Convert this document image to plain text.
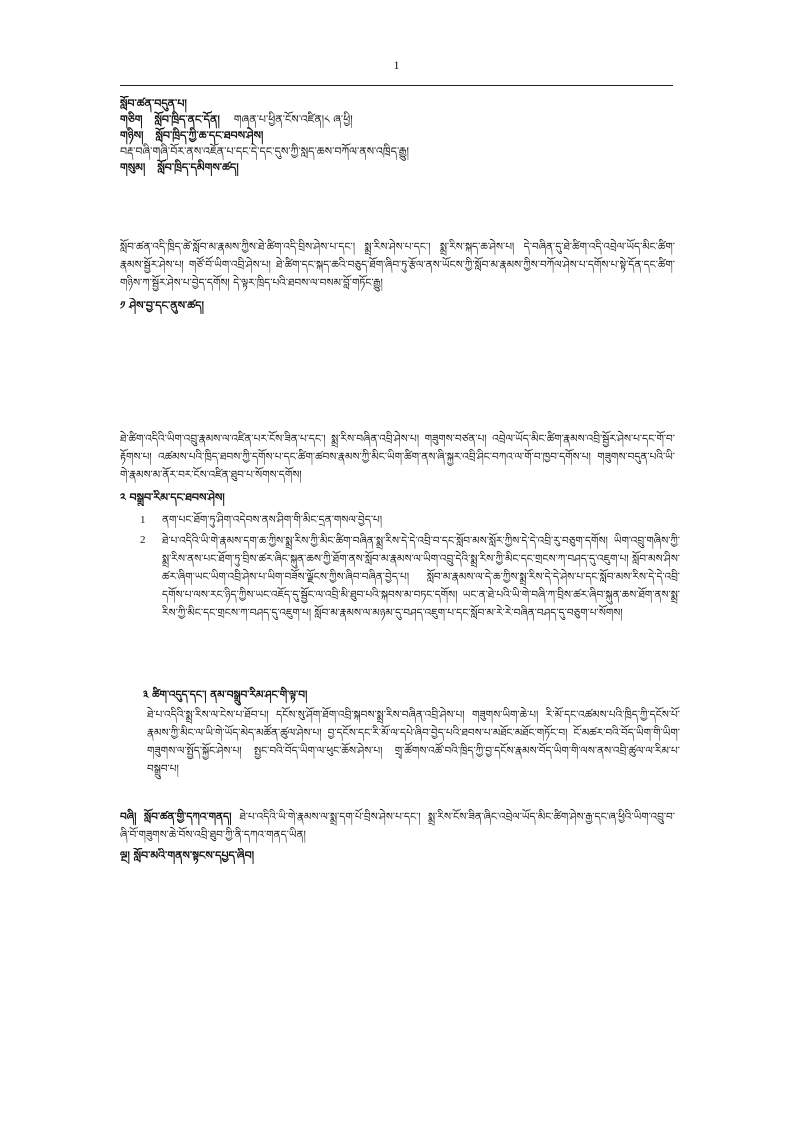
1
སློབ་ཚན་བདུན་པ།
གཅིག སློབ་ཁྲིད་ནང་དོན། གཞན་པ་ཕྱིན་ངོས་འཛིན།༨ ཞ་ཕྱི།
གཉིས། སློབ་ཁྲིད་ཀྱི་ཆ་དང་ཐབས་ཤེས།
བརྡ་བཞི་གཞི་བོར་ནས་འཇོན་པ་དང་དེ་དང་དུས་ཀྱི་སླད་ཆས་བཀོལ་ནས་འཁྲིད་རྒྱུ།
གསུམ། སློབ་ཁྲིད་དམིགས་ཚད།
སློབ་ཚན་འདི་ཁྲིད་ཚེ་སློབ་མ་རྣམས་ཀྱིས་ཐེ་ཚིག་འདི་བྲིས་ཤེས་པ་དང་། སྨྲ་རིས་ཤེས་པ་དང་། སྨྲ་རིས་སྐད་ཆ་ཤེས་པ། དེ་བཞིན་དུ་ཐེ་ཚིག་འདི་འབྲེལ་ཡོད་མིང་ཚིག་རྣམས་སྦྱོར་ཤེས་པ། གཙོ་བོ་ཡིག་འབྲི་ཤེས་པ། ཐེ་ཚིག་དང་སྐད་ཆའི་བཅུད་ཐོག་ཞིབ་ཏུ་རྩོལ་ནས་ཡོངས་ཀྱི་སློབ་མ་རྣམས་ཀྱིས་བཀོལ་ཤེས་པ་དགོས་པ་སྟེ་དོན་དང་ཚིག་གཉིས་ཀ་སྦྱོར་ཤེས་པ་བྱེད་དགོས། དེ་ལྟར་ཁྲིད་པའི་ཐབས་ལ་བསམ་བློ་གཏོང་རྒྱུ།
༡ ཤེས་བྱ་དང་ནུས་ཚད།
ཐེ་ཚིག་འདིའི་ཡིག་འབྲུ་རྣམས་ལ་འཛིན་པར་ངོས་ཟིན་པ་དང་། སྨྲ་རིས་བཞིན་འབྲི་ཤེས་པ། གཟུགས་བཙན་པ། འབྲེལ་ཡོད་མིང་ཚིག་རྣམས་འབྲི་སྦྱོར་ཤེས་པ་དང་གོ་བ་རྟོགས་པ། འཚམས་པའི་ཁྲིད་ཐབས་ཀྱི་དགོས་པ་དང་ཚིག་ཚབས་རྣམས་ཀྱི་མིང་ཡིག་ཚིག་ནས་ཞི་སྐྱར་འབྲི་ཤིང་བཀའ་ལ་གོ་བ་ཁྱབ་དགོས་པ། གཟུགས་བདུན་པའི་ཡི་གེ་རྣམས་མ་ནོར་བར་ངོས་འཛིན་ཐུབ་པ་སོགས་དགོས།
༢ བསྒྲུབ་རིམ་དང་ཐབས་ཤེས།
1	ནག་པང་ཐོག་ཏུ་ཤིག་འདེབས་ནས་ཤིག་གི་མིང་དྲན་གསལ་བྱེད་པ།
2	ཐེ་པ་འདིའི་ཡི་གེ་རྣམས་དག་ཆ་ཀྱིས་སྨྲ་རིས་ཀྱི་མིང་ཚིག་བཞིན་སྨྲ་རིས་དེ་དེ་འབྲི་བ་དང་སློབ་མས་སློར་ཀྱིས་དེ་དེ་འབྲི་རུ་བཅུག་དགོས། ཡིག་འབྲུ་གཞིས་ཀྱི་སྨྲ་རིས་ནས་པང་ཐོག་ཏུ་བྲིས་ཚར་ཞིང་སྐུན་ཆས་ཀྱི་ཐོག་ནས་སློབ་མ་རྣམས་ལ་ཡིག་འབྲུ་དེའི་སྨྲ་རིས་ཀྱི་མིང་དང་གྲངས་ཀ་བཤད་དུ་འཇུག་པ། སློབ་མས་ཤིས་ཚར་ཞིག་ཡང་ཡིག་འབྲི་ཤེས་པ་ཡིག་བཟོས་ལྗོངས་ཀྱིས་ཞིབ་བཞིན་བྱེད་པ། སློབ་མ་རྣམས་ལ་དེ་ཆ་ཀྱིས་སྨྲ་རིས་དེ་དེ་ཤེས་པ་དང་སློབ་མས་རིས་དེ་དེ་འབྲི་དགོས་པ་ལས་རང་ཉིད་ཀྱིས་ཡང་འཇོད་དུ་སྦྱོང་ལ་འབྲི་མི་ཐུབ་པའི་སྐབས་མ་བཏང་དགོས། ཡང་ན་ཐེ་པའི་ཡི་གེ་བཞི་ཀ་བྲིས་ཚར་ཞིབ་སྐུན་ཆས་ཐོག་ནས་སྨྲ་རིས་ཀྱི་མིང་དང་གྲངས་ཀ་བཤད་དུ་འཇུག་པ། སློབ་མ་རྣམས་ལ་མཉམ་དུ་བཤད་འཇུག་པ་དང་སློབ་མ་རེ་རེ་བཞིན་བཤད་དུ་བཅུག་པ་སོགས།
༣ ཚིག་འདུད་དང་། ནམ་བསྒྲུབ་རིམ་ཤང་གི་ལྟ་བ།
ཐེ་པ་འདིའི་སྨྲ་རིས་ལ་ངེས་པ་ཐོབ་པ། དངོས་སུ་ཤོག་ཐོག་འབྲི་སྐབས་སྨྲ་རིས་བཞིན་འབྲི་ཤེས་པ། གཟུགས་ཡིག་ཆེ་པ། རི་མོ་དང་འཚམས་པའི་ཁྲིད་ཀྱི་དངོས་པོ་རྣམས་ཀྱི་མིང་ལ་ཡི་གེ་ཡོད་མེད་མཚོན་ཚུལ་ཤེས་པ། བྱ་དངོས་དང་རི་མོ་ལ་དཔེ་ཞིབ་བྱེད་པའི་ཐབས་པ་མཐོང་མཐོང་གཏོང་བ། ངོ་མཚར་བའི་བོད་ཡིག་གི་ཡིག་གཟུགས་ལ་སྤྱོད་སྐྱོང་ཤེས་པ། སྤྱང་བའི་བོད་ཡིག་ལ་ཕུང་ཆོས་ཤེས་པ། གྲྭ་ཚོགས་འཚོ་བའི་ཁྲིད་ཀྱི་བྱ་དངོས་རྣམས་བོད་ཡིག་གི་ལས་ནས་འབྲི་ཚུལ་ལ་རིམ་པ་བསྒྲུབ་པ།
བཞི། སློབ་ཚན་གྱི་དཀའ་གནད། ཐེ་པ་འདིའི་ཡི་གེ་རྣམས་ལ་སྨྲ་དག་པོ་བྲིས་ཤེས་པ་དང་། སྨྲ་རིས་ངོས་ཟིན་ཞིང་འབྲེལ་ཡོད་མིང་ཚིག་ཤེས་རྒྱ་དང་ཞ་ཕྱིའི་ཡིག་འབྲུ་བ་ཞི་བོ་གཟུགས་ཆེ་བོས་འབྲི་ཐུབ་ཀྱི་ནི་དཀའ་གནད་ཡིན།
ལྔ། སློབ་མའི་གནས་སྟངས་དཔྱད་ཞིབ།
